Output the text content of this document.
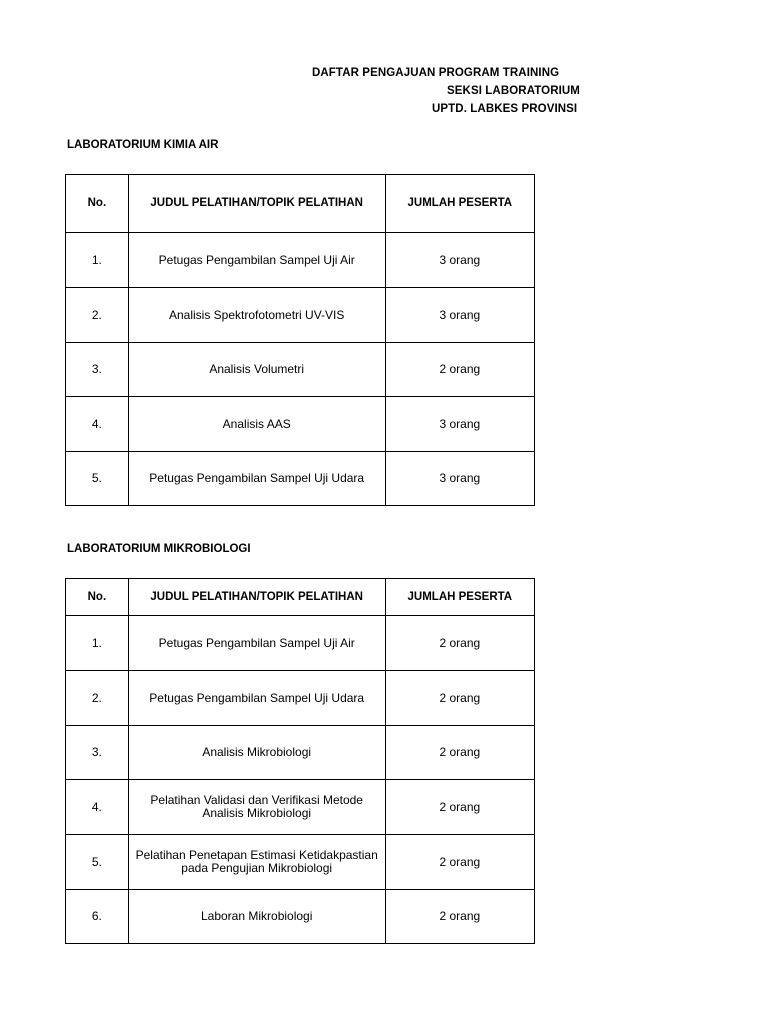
DAFTAR PENGAJUAN PROGRAM TRAINING
SEKSI LABORATORIUM
UPTD. LABKES PROVINSI
LABORATORIUM KIMIA AIR
No.	JUDUL PELATIHAN/TOPIK PELATIHAN	JUMLAH PESERTA
1.	Petugas Pengambilan Sampel Uji Air	3 orang
2.	Analisis Spektrofotometri UV-VIS	3 orang
3.	Analisis Volumetri	2 orang
4.	Analisis AAS	3 orang
5.	Petugas Pengambilan Sampel Uji Udara	3 orang
LABORATORIUM MIKROBIOLOGI
No.	JUDUL PELATIHAN/TOPIK PELATIHAN	JUMLAH PESERTA
1.	Petugas Pengambilan Sampel Uji Air	2 orang
2.	Petugas Pengambilan Sampel Uji Udara	2 orang
3.	Analisis Mikrobiologi	2 orang
4.	Pelatihan Validasi dan Verifikasi Metode Analisis Mikrobiologi	2 orang
5.	Pelatihan Penetapan Estimasi Ketidakpastian pada Pengujian Mikrobiologi	2 orang
6.	Laboran Mikrobiologi	2 orang
